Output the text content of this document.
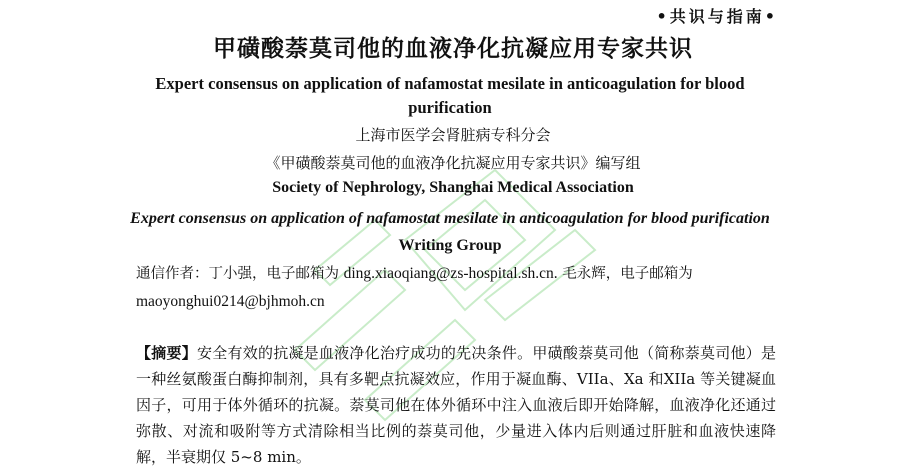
•共识与指南•
甲磺酸萘莫司他的血液净化抗凝应用专家共识
Expert consensus on application of nafamostat mesilate in anticoagulation for blood purification
上海市医学会肾脏病专科分会
《甲磺酸萘莫司他的血液净化抗凝应用专家共识》编写组
Society of Nephrology, Shanghai Medical Association
Expert consensus on application of nafamostat mesilate in anticoagulation for blood purification Writing Group
通信作者：丁小强，电子邮箱为 ding.xiaoqiang@zs-hospital.sh.cn. 毛永辉，电子邮箱为 maoyonghui0214@bjhmoh.cn
【摘要】安全有效的抗凝是血液净化治疗成功的先决条件。甲磺酸萘莫司他（简称萘莫司他）是一种丝氨酸蛋白酶抑制剂，具有多靶点抗凝效应，作用于凝血酶、VIIa、Xa 和XIIa 等关键凝血因子，可用于体外循环的抗凝。萘莫司他在体外循环中注入血液后即开始降解，血液净化还通过弥散、对流和吸附等方式清除相当比例的萘莫司他，少量进入体内后则通过肝脏和血液快速降解，半衰期仅 5~8 min。
